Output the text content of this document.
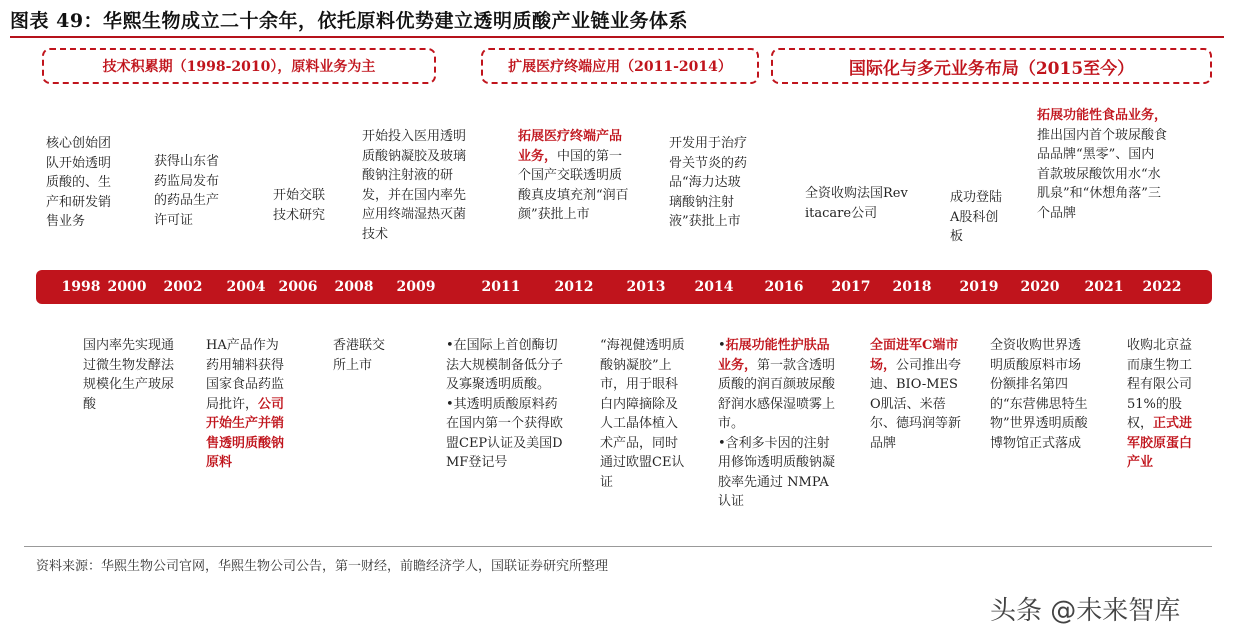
图表 49：华熙生物成立二十余年，依托原料优势建立透明质酸产业链业务体系
技术积累期（1998-2010），原料业务为主	扩展医疗终端应用（2011-2014）	国际化与多元业务布局（2015至今）
核心创始团队开始透明质酸的、生产和研发销售业务
获得山东省药监局发布的药品生产许可证
开始交联技术研究
开始投入医用透明质酸钠凝胶及玻璃酸钠注射液的研发，并在国内率先应用终端湿热灭菌技术
拓展医疗终端产品业务，中国的第一个国产交联透明质酸真皮填充剂“润百颜”获批上市
开发用于治疗骨关节炎的药品“海力达玻璃酸钠注射液”获批上市
全资收购法国Revitacare公司
成功登陆A股科创板
拓展功能性食品业务，推出国内首个玻尿酸食品品牌“黑零”、国内首款玻尿酸饮用水“水肌泉”和“休想角落”三个品牌
1998 2000 2002 2004 2006 2008 2009	2011 2012 2013 2014 2016 2017 2018 2019 2020 2021 2022
国内率先实现通过微生物发酵法规模化生产玻尿酸
HA产品作为药用辅料获得国家食品药监局批许，公司开始生产并销售透明质酸钠原料
香港联交所上市
•在国际上首创酶切法大规模制备低分子及寡聚透明质酸。
•其透明质酸原料药在国内第一个获得欧盟CEP认证及美国DMF登记号
“海视健透明质酸钠凝胶”上市，用于眼科白内障摘除及人工晶体植入术产品，同时通过欧盟CE认证
•拓展功能性护肤品业务，第一款含透明质酸的润百颜玻尿酸舒润水感保湿喷雾上市。
•含利多卡因的注射用修饰透明质酸钠凝胶率先通过 NMPA 认证
全面进军C端市场，公司推出夸迪、BIO-MESO肌活、米蓓尔、德玛润等新品牌
全资收购世界透明质酸原料市场份额排名第四的“东营佛思特生物”世界透明质酸博物馆正式落成
收购北京益而康生物工程有限公司51%的股权，正式进军胶原蛋白产业
资料来源：华熙生物公司官网，华熙生物公司公告，第一财经，前瞻经济学人，国联证券研究所整理
头条 @未来智库
